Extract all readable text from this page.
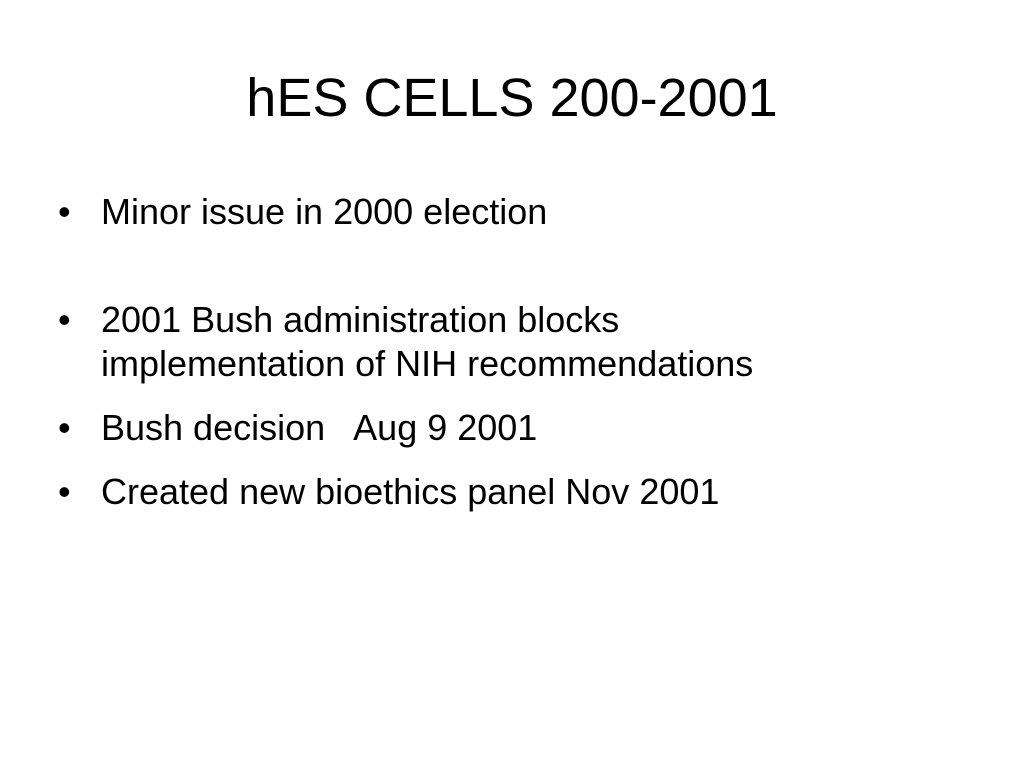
hES CELLS 200-2001
• Minor issue in 2000 election
• 2001 Bush administration blocks
implementation of NIH recommendations
• Bush decision   Aug 9 2001
• Created new bioethics panel Nov 2001
